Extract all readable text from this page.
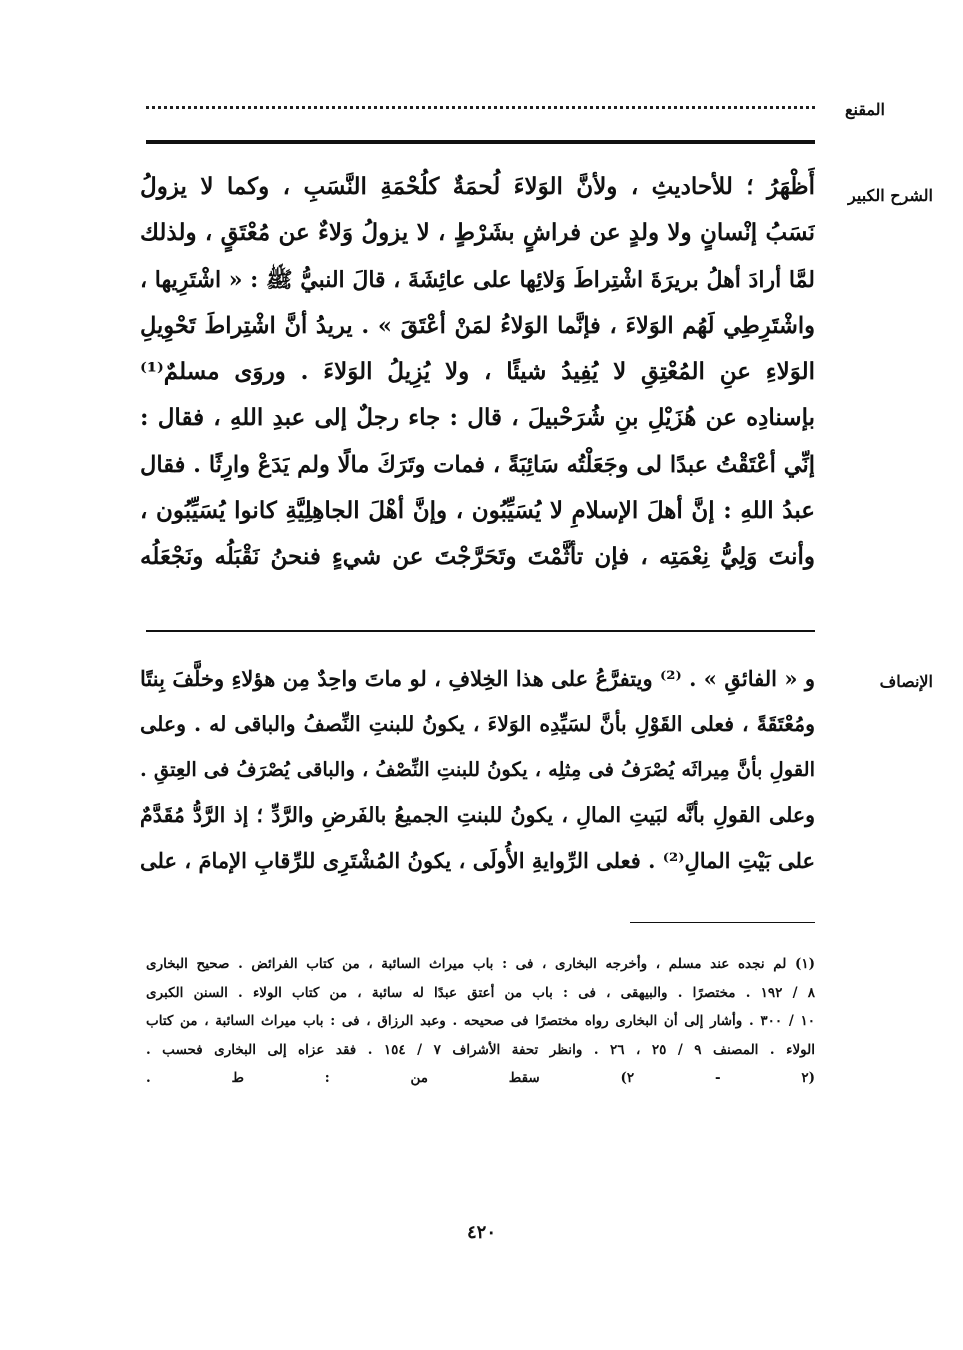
المقنع
الشرح الكبير
أَظْهَرُ ؛ للأحاديثِ ، ولأنَّ الوَلاءَ لُحمَةٌ كلُحْمَةِ النَّسَبِ ، وكما لا يزولُ
نَسَبُ إنْسانٍ ولا ولدٍ عن فراشٍ بشَرْطٍ ، لا يزولُ وَلاءٌ عن مُعْتَقٍ ، ولذلك
لمَّا أرادَ أهلُ بريرَةَ اشْتِراطَ وَلائِها على عائِشَةَ ، قالَ النبيُّ ﷺ : « اشْتَرِيها ،
واشْتَرِطِي لَهُم الوَلاءَ ، فإنَّما الوَلاءُ لمَنْ أعْتَقَ » . يريدُ أنَّ اشْتِراطَ تَحْوِيلِ
الوَلاءِ عنِ المُعْتِقِ لا يُفِيدُ شيئًا ، ولا يُزِيلُ الوَلاءَ . وروَى مسلمٌ⁽¹⁾
بإسنادِه عن هُزَيْلِ بنِ شُرَحْبيلَ ، قال : جاء رجلٌ إلى عبدِ اللهِ ، فقال :
إنِّي أعْتَقْتُ عبدًا لى وجَعَلْتُه سَائِبَةً ، فمات وتَرَكَ مالًا ولم يَدَعْ وارِثًا . فقال
عبدُ اللهِ : إنَّ أهلَ الإسلامِ لا يُسَيِّبُون ، وإنَّ أهْلَ الجاهِلِيَّةِ كانوا يُسَيِّبُون ،
وأنتَ وَلِيُّ نِعْمَتِه ، فإن تأثَّمْتَ وتَحَرَّجْتَ عن شيءٍ فنحنُ نَقْبَلُه ونَجْعَلُه
الإنصاف
و « الفائقِ » . ⁽²⁾ ويتفرَّعُ على هذا الخِلافِ ، لو ماتَ واحِدٌ مِن هؤلاءِ وخلَّفَ بِنتًا
ومُعْتَقَةً ، فعلى القَوْلِ بأنَّ لسَيِّدِه الوَلاءَ ، يكونُ للبنتِ النِّصفُ والباقى له . وعلى
القولِ بأنَّ مِيراثَه يُصْرَفُ فى مِثلِه ، يكونُ للبنتِ النِّصْفُ ، والباقى يُصْرَفُ فى العِتقِ .
وعلى القولِ بأنَّه لبَيتِ المالِ ، يكونُ للبنتِ الجميعُ بالفَرضِ والرَّدِّ ؛ إذ الرَّدُّ مُقَدَّمٌ
على بَيْتِ المالِ⁽²⁾ . فعلى الرِّوايةِ الأُولَى ، يكونُ المُشْتَرِى للرِّقابِ الإمامَ ، على
(١) لم نجده عند مسلم ، وأخرجه البخارى ، فى : باب ميراث السائبة ، من كتاب الفرائض . صحيح البخارى
٨ / ١٩٢ . مختصرًا . والبيهقى ، فى : باب من أعتق عبدًا له سائبة ، من كتاب الولاء . السنن الكبرى
١٠ / ٣٠٠ . وأشار إلى أن البخارى رواه مختصرًا فى صحيحه . وعبد الرزاق ، فى : باب ميراث السائبة ، من كتاب
الولاء . المصنف ٩ / ٢٥ ، ٢٦ . وانظر تحفة الأشراف ٧ / ١٥٤ . فقد عزاه إلى البخارى فحسب .
(٢ - ٢) سقط من : ط .
٤٢٠
